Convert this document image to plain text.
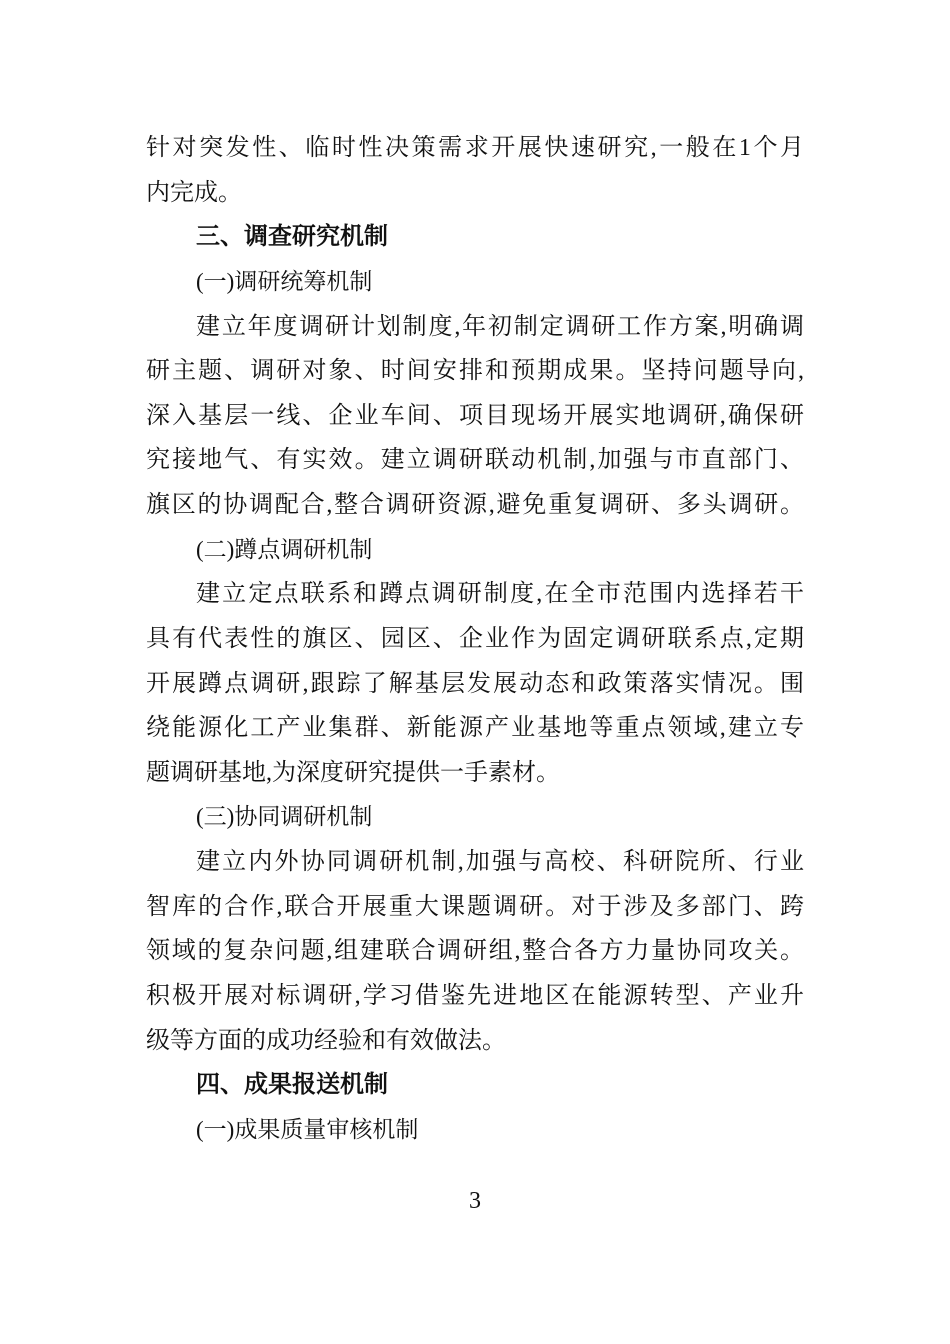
针对突发性、临时性决策需求开展快速研究,一般在1个月
内完成。
三、调查研究机制
(一)调研统筹机制
建立年度调研计划制度,年初制定调研工作方案,明确调
研主题、调研对象、时间安排和预期成果。坚持问题导向,
深入基层一线、企业车间、项目现场开展实地调研,确保研
究接地气、有实效。建立调研联动机制,加强与市直部门、
旗区的协调配合,整合调研资源,避免重复调研、多头调研。
(二)蹲点调研机制
建立定点联系和蹲点调研制度,在全市范围内选择若干
具有代表性的旗区、园区、企业作为固定调研联系点,定期
开展蹲点调研,跟踪了解基层发展动态和政策落实情况。围
绕能源化工产业集群、新能源产业基地等重点领域,建立专
题调研基地,为深度研究提供一手素材。
(三)协同调研机制
建立内外协同调研机制,加强与高校、科研院所、行业
智库的合作,联合开展重大课题调研。对于涉及多部门、跨
领域的复杂问题,组建联合调研组,整合各方力量协同攻关。
积极开展对标调研,学习借鉴先进地区在能源转型、产业升
级等方面的成功经验和有效做法。
四、成果报送机制
(一)成果质量审核机制
3
